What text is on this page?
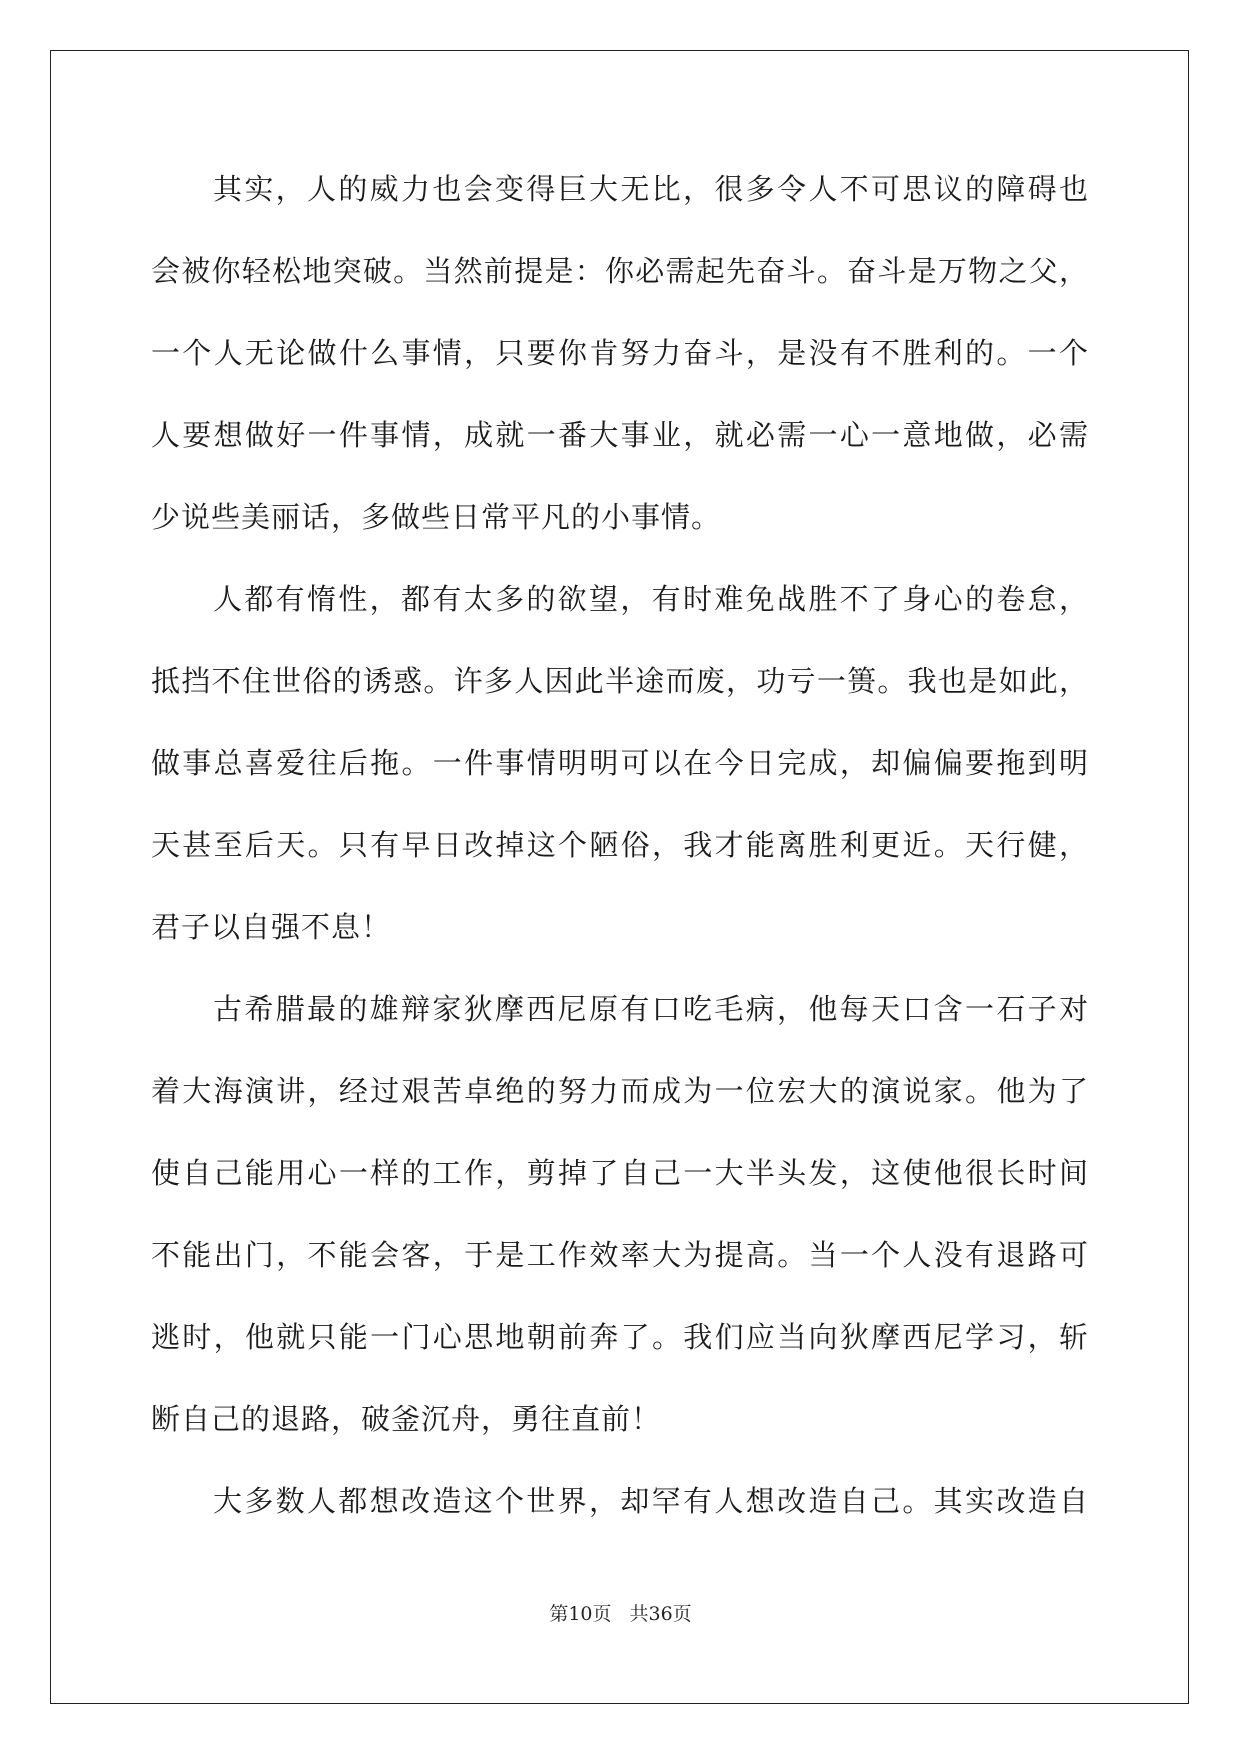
其实，人的威力也会变得巨大无比，很多令人不可思议的障碍也
会被你轻松地突破。当然前提是：你必需起先奋斗。奋斗是万物之父，
一个人无论做什么事情，只要你肯努力奋斗，是没有不胜利的。一个
人要想做好一件事情，成就一番大事业，就必需一心一意地做，必需
少说些美丽话，多做些日常平凡的小事情。
人都有惰性，都有太多的欲望，有时难免战胜不了身心的卷怠，
抵挡不住世俗的诱惑。许多人因此半途而废，功亏一篑。我也是如此，
做事总喜爱往后拖。一件事情明明可以在今日完成，却偏偏要拖到明
天甚至后天。只有早日改掉这个陋俗，我才能离胜利更近。天行健，
君子以自强不息！
古希腊最的雄辩家狄摩西尼原有口吃毛病，他每天口含一石子对
着大海演讲，经过艰苦卓绝的努力而成为一位宏大的演说家。他为了
使自己能用心一样的工作，剪掉了自己一大半头发，这使他很长时间
不能出门，不能会客，于是工作效率大为提高。当一个人没有退路可
逃时，他就只能一门心思地朝前奔了。我们应当向狄摩西尼学习，斩
断自己的退路，破釜沉舟，勇往直前！
大多数人都想改造这个世界，却罕有人想改造自己。其实改造自
第10页 共36页
